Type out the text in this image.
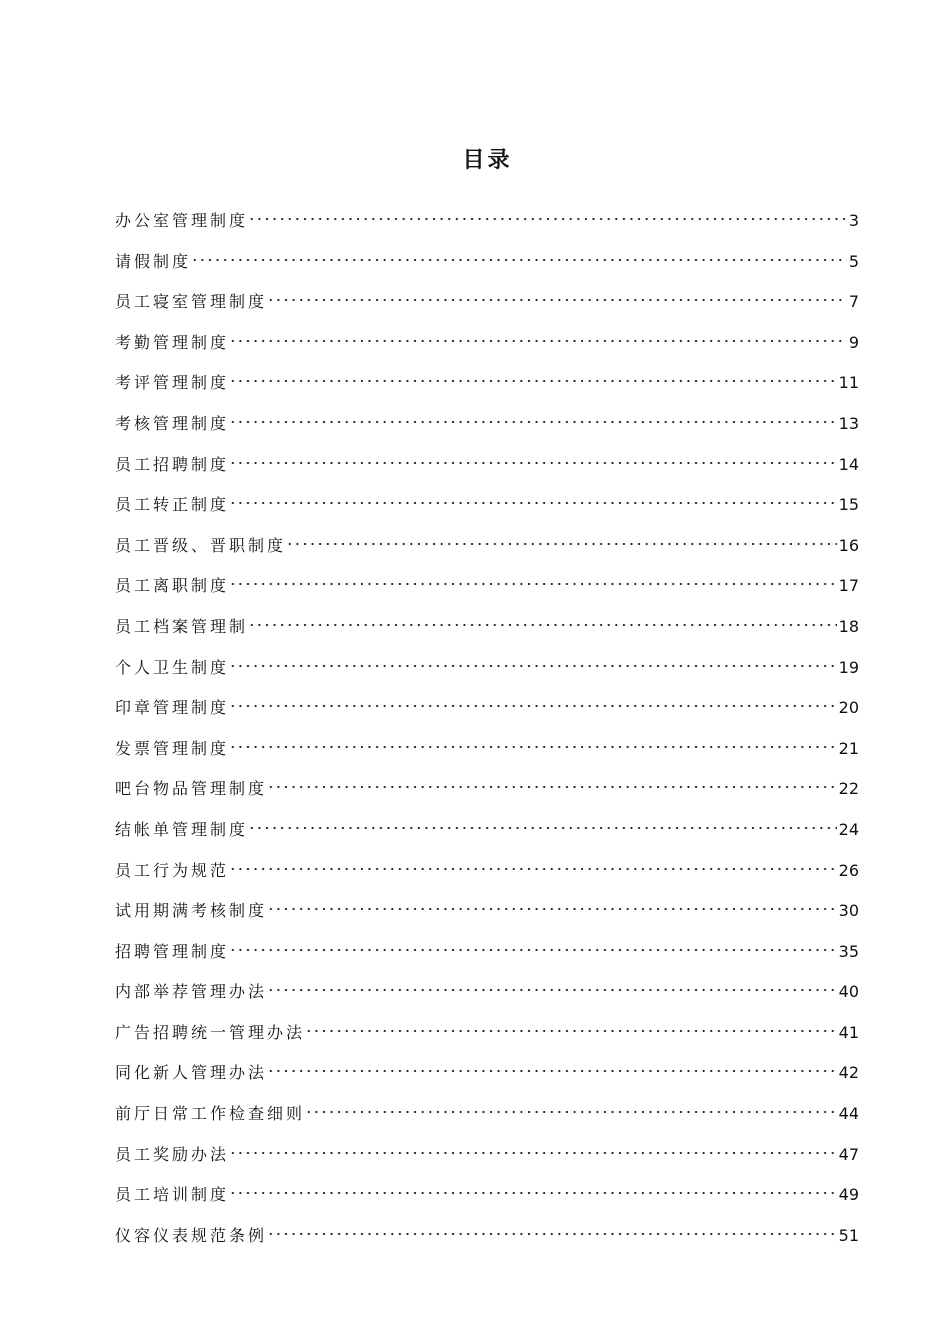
目录
办公室管理制度	3
请假制度	5
员工寝室管理制度	7
考勤管理制度	9
考评管理制度	11
考核管理制度	13
员工招聘制度	14
员工转正制度	15
员工晋级、晋职制度	16
员工离职制度	17
员工档案管理制	18
个人卫生制度	19
印章管理制度	20
发票管理制度	21
吧台物品管理制度	22
结帐单管理制度	24
员工行为规范	26
试用期满考核制度	30
招聘管理制度	35
内部举荐管理办法	40
广告招聘统一管理办法	41
同化新人管理办法	42
前厅日常工作检查细则	44
员工奖励办法	47
员工培训制度	49
仪容仪表规范条例	51
